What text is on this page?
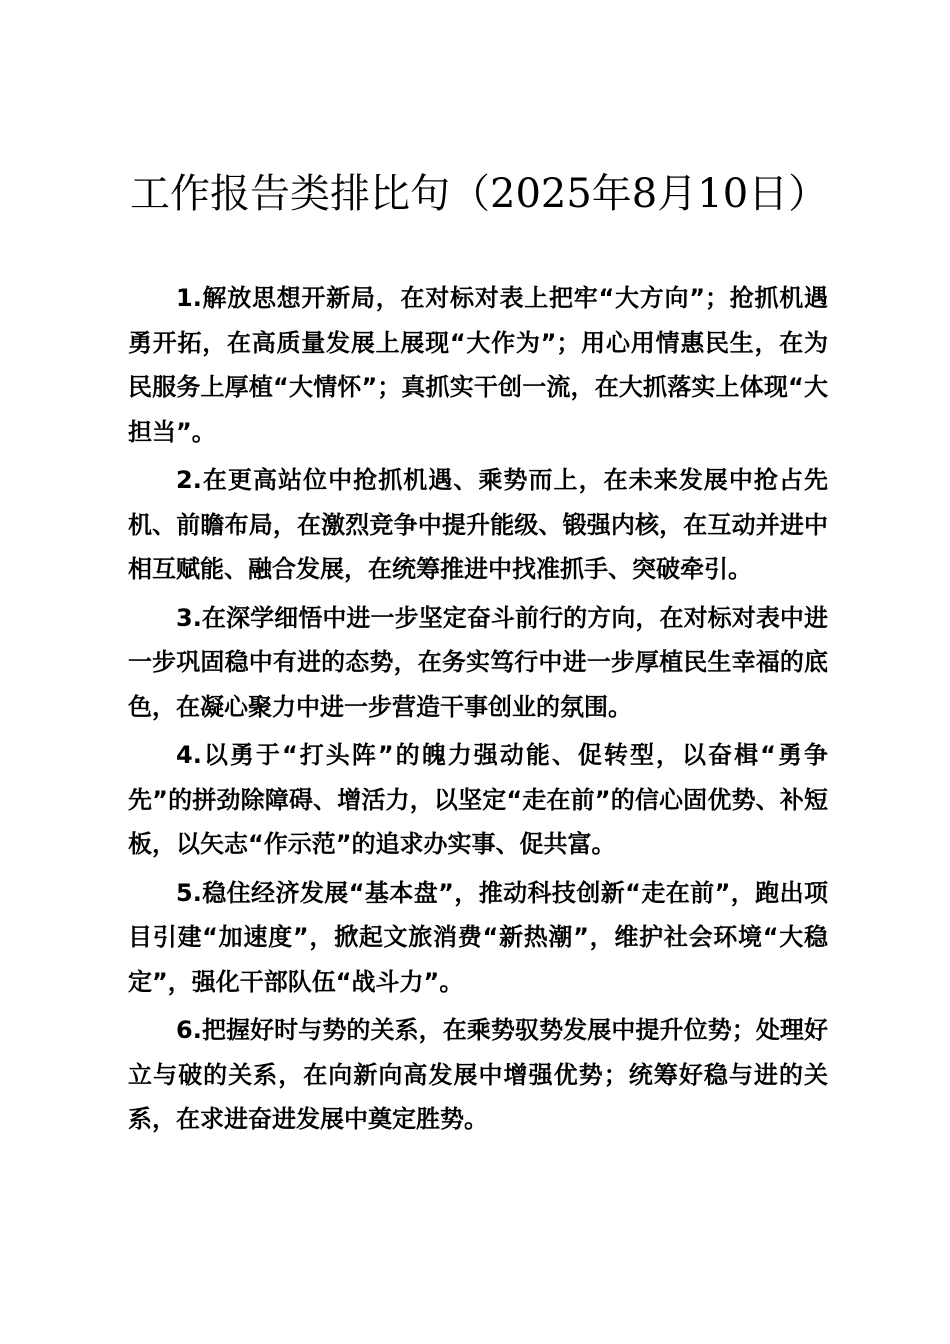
工作报告类排比句（2025年8月10日）

1.解放思想开新局，在对标对表上把牢“大方向”；抢抓机遇勇开拓，在高质量发展上展现“大作为”；用心用情惠民生，在为民服务上厚植“大情怀”；真抓实干创一流，在大抓落实上体现“大担当”。

2.在更高站位中抢抓机遇、乘势而上，在未来发展中抢占先机、前瞻布局，在激烈竞争中提升能级、锻强内核，在互动并进中相互赋能、融合发展，在统筹推进中找准抓手、突破牵引。

3.在深学细悟中进一步坚定奋斗前行的方向，在对标对表中进一步巩固稳中有进的态势，在务实笃行中进一步厚植民生幸福的底色，在凝心聚力中进一步营造干事创业的氛围。

4.以勇于“打头阵”的魄力强动能、促转型，以奋楫“勇争先”的拼劲除障碍、增活力，以坚定“走在前”的信心固优势、补短板，以矢志“作示范”的追求办实事、促共富。

5.稳住经济发展“基本盘”，推动科技创新“走在前”，跑出项目引建“加速度”，掀起文旅消费“新热潮”，维护社会环境“大稳定”，强化干部队伍“战斗力”。

6.把握好时与势的关系，在乘势驭势发展中提升位势；处理好立与破的关系，在向新向高发展中增强优势；统筹好稳与进的关系，在求进奋进发展中奠定胜势。
